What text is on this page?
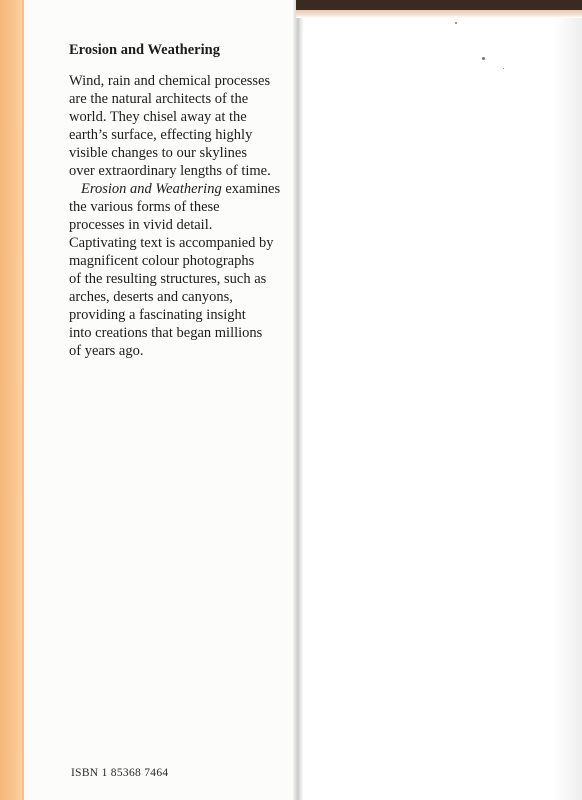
Erosion and Weathering

Wind, rain and chemical processes
are the natural architects of the
world. They chisel away at the
earth’s surface, effecting highly
visible changes to our skylines
over extraordinary lengths of time.
Erosion and Weathering examines
the various forms of these
processes in vivid detail.
Captivating text is accompanied by
magnificent colour photographs
of the resulting structures, such as
arches, deserts and canyons,
providing a fascinating insight
into creations that began millions
of years ago.

ISBN 1 85368 7464
